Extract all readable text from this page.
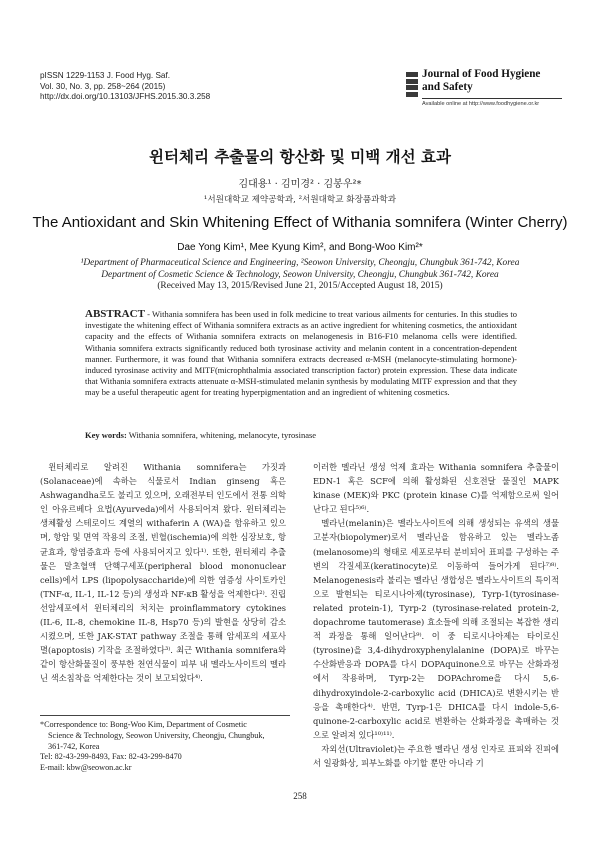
pISSN 1229-1153 J. Food Hyg. Saf.
Vol. 30, No. 3, pp. 258~264 (2015)
http://dx.doi.org/10.13103/JFHS.2015.30.3.258
Journal of Food Hygiene
and Safety
Available online at http://www.foodhygiene.or.kr
윈터체리 추출물의 항산화 및 미백 개선 효과
김대용¹ · 김미경² · 김봉우²*
¹서원대학교 제약공학과, ²서원대학교 화장품과학과
The Antioxidant and Skin Whitening Effect of Withania somnifera (Winter Cherry)
Dae Yong Kim¹, Mee Kyung Kim², and Bong-Woo Kim²*
¹Department of Pharmaceutical Science and Engineering, ²Seowon University, Cheongju, Chungbuk 361-742, Korea
Department of Cosmetic Science & Technology, Seowon University, Cheongju, Chungbuk 361-742, Korea
(Received May 13, 2015/Revised June 21, 2015/Accepted August 18, 2015)
ABSTRACT - Withania somnifera has been used in folk medicine to treat various ailments for centuries. In this studies to investigate the whitening effect of Withania somnifera extracts as an active ingredient for whitening cosmetics, the antioxidant capacity and the effects of Withania somnifera extracts on melanogenesis in B16-F10 melanoma cells were identified. Withania somnifera extracts significantly reduced both tyrosinase activity and melanin content in a concentration-dependent manner. Furthermore, it was found that Withania somnifera extracts decreased α-MSH (melanocyte-stimulating hormone)-induced tyrosinase activity and MITF(microphthalmia associated transcription factor) protein expression. These data indicate that Withania somnifera extracts attenuate α-MSH-stimulated melanin synthesis by modulating MITF expression and that they may be a useful therapeutic agent for treating hyperpigmentation and an ingredient of whitening cosmetics.
Key words: Withania somnifera, whitening, melanocyte, tyrosinase

윈터체리로 알려진 Withania somnifera는 가짓과(Solanaceae)에 속하는 식물로서 Indian ginseng 혹은 Ashwagandha로도 불리고 있으며, 오래전부터 인도에서 전통 의학인 아유르베다 요법(Ayurveda)에서 사용되어져 왔다. 윈터체리는 생체활성 스테로이드 계열의 withaferin A (WA)을 함유하고 있으며, 항암 및 면역 작용의 조절, 빈혈(ischemia)에 의한 심장보호, 항균효과, 항염증효과 등에 사용되어지고 있다¹⁾. 또한, 윈터체리 추출물은 말초혈액 단핵구세포(peripheral blood mononuclear cells)에서 LPS (lipopolysaccharide)에 의한 염증성 사이토카인(TNF-α, IL-1, IL-12 등)의 생성과 NF-κB 활성을 억제한다²⁾. 진립선암세포에서 윈터체리의 처치는 proinflammatory cytokines (IL-6, IL-8, chemokine IL-8, Hsp70 등)의 발현을 상당히 감소시켰으며, 또한 JAK-STAT pathway 조절을 통해 암세포의 세포사멸(apoptosis) 기작을 조절하였다³⁾. 최근 Withania somnifera와 같이 항산화물질이 풍부한 천연식물이 피부 내 멜라노사이트의 멜라닌 색소침착을 억제한다는 것이 보고되었다⁴⁾.

이러한 멜라닌 생성 억제 효과는 Withania somnifera 추출물이 EDN-1 혹은 SCF에 의해 활성화된 신호전달 물질인 MAPK kinase (MEK)와 PKC (protein kinase C)를 억제함으로써 일어난다고 된다⁵⁾⁶⁾.

멜라닌(melanin)은 멜라노사이트에 의해 생성되는 유색의 생물고분자(biopolymer)로서 멜라닌을 함유하고 있는 멜라노좀(melanosome)의 형태로 세포로부터 분비되어 표피를 구성하는 주변의 각질세포(keratinocyte)로 이동하여 들어가게 된다⁷⁾⁸⁾. Melanogenesis라 불리는 멜라닌 생합성은 멜라노사이트의 특이적으로 발현되는 티로시나아제(tyrosinase), Tyrp-1(tyrosinase-related protein-1), Tyrp-2 (tyrosinase-related protein-2, dopachrome tautomerase) 효소들에 의해 조절되는 복잡한 생리적 과정을 통해 일어난다⁹⁾. 이 중 티로시나아제는 타이로신(tyrosine)을 3,4-dihydroxyphenylalanine (DOPA)로 바꾸는 수산화반응과 DOPA를 다시 DOPAquinone으로 바꾸는 산화과정에서 작용하며, Tyrp-2는 DOPAchrome을 다시 5,6-dihydroxyindole-2-carboxylic acid (DHICA)로 변환시키는 반응을 촉매한다⁴⁾. 반면, Tyrp-1은 DHICA를 다시 indole-5,6-quinone-2-carboxylic acid로 변환하는 산화과정을 촉매하는 것으로 알려져 있다¹⁰⁾¹¹⁾.

자외선(Ultraviolet)는 주요한 멜라닌 생성 인자로 표피와 진피에서 일광화상, 피부노화를 야기할 뿐만 아니라 기

*Correspondence to: Bong-Woo Kim, Department of Cosmetic
Science & Technology, Seowon University, Cheongju, Chungbuk,
361-742, Korea
Tel: 82-43-299-8493, Fax: 82-43-299-8470
E-mail: kbw@seowon.ac.kr
258
